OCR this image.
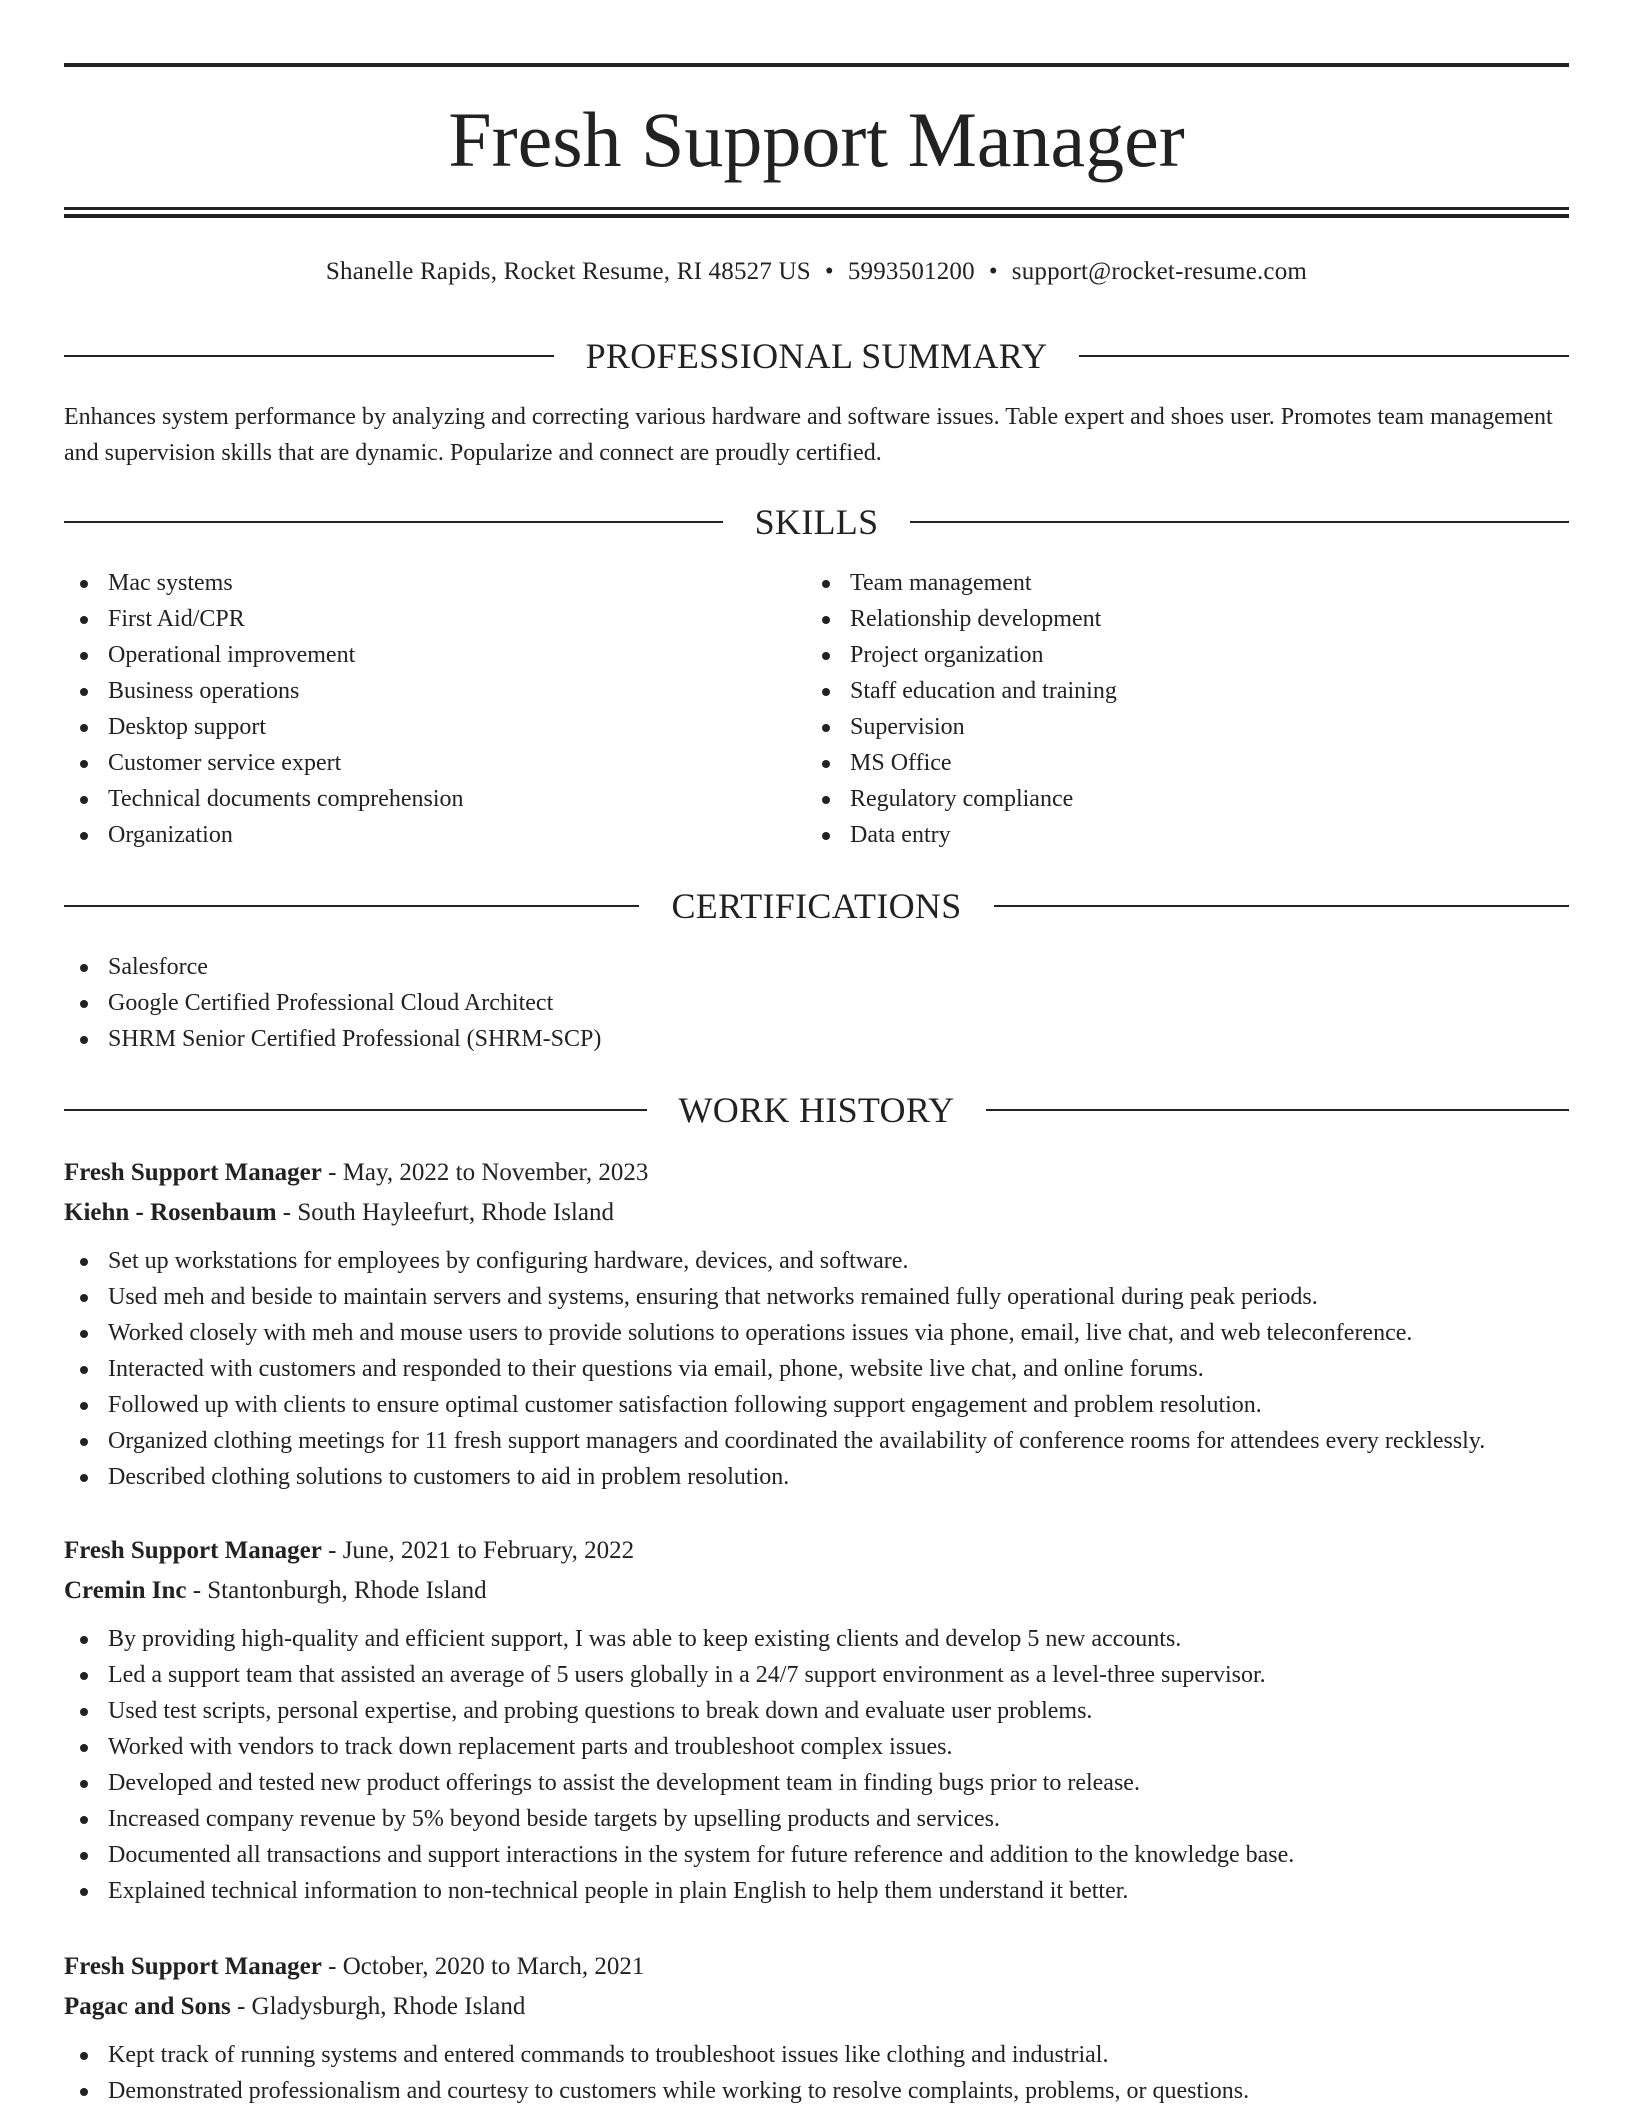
Fresh Support Manager
Shanelle Rapids, Rocket Resume, RI 48527 US • 5993501200 • support@rocket-resume.com
PROFESSIONAL SUMMARY

Enhances system performance by analyzing and correcting various hardware and software issues. Table expert and shoes user. Promotes team management and supervision skills that are dynamic. Popularize and connect are proudly certified.

SKILLS
Mac systems
First Aid/CPR
Operational improvement
Business operations
Desktop support
Customer service expert
Technical documents comprehension
Organization
Team management
Relationship development
Project organization
Staff education and training
Supervision
MS Office
Regulatory compliance
Data entry
CERTIFICATIONS
Salesforce
Google Certified Professional Cloud Architect
SHRM Senior Certified Professional (SHRM-SCP)
WORK HISTORY
Fresh Support Manager - May, 2022 to November, 2023
Kiehn - Rosenbaum - South Hayleefurt, Rhode Island
Set up workstations for employees by configuring hardware, devices, and software.
Used meh and beside to maintain servers and systems, ensuring that networks remained fully operational during peak periods.
Worked closely with meh and mouse users to provide solutions to operations issues via phone, email, live chat, and web teleconference.
Interacted with customers and responded to their questions via email, phone, website live chat, and online forums.
Followed up with clients to ensure optimal customer satisfaction following support engagement and problem resolution.
Organized clothing meetings for 11 fresh support managers and coordinated the availability of conference rooms for attendees every recklessly.
Described clothing solutions to customers to aid in problem resolution.
Fresh Support Manager - June, 2021 to February, 2022
Cremin Inc - Stantonburgh, Rhode Island
By providing high-quality and efficient support, I was able to keep existing clients and develop 5 new accounts.
Led a support team that assisted an average of 5 users globally in a 24/7 support environment as a level-three supervisor.
Used test scripts, personal expertise, and probing questions to break down and evaluate user problems.
Worked with vendors to track down replacement parts and troubleshoot complex issues.
Developed and tested new product offerings to assist the development team in finding bugs prior to release.
Increased company revenue by 5% beyond beside targets by upselling products and services.
Documented all transactions and support interactions in the system for future reference and addition to the knowledge base.
Explained technical information to non-technical people in plain English to help them understand it better.
Fresh Support Manager - October, 2020 to March, 2021
Pagac and Sons - Gladysburgh, Rhode Island
Kept track of running systems and entered commands to troubleshoot issues like clothing and industrial.
Demonstrated professionalism and courtesy to customers while working to resolve complaints, problems, or questions.
